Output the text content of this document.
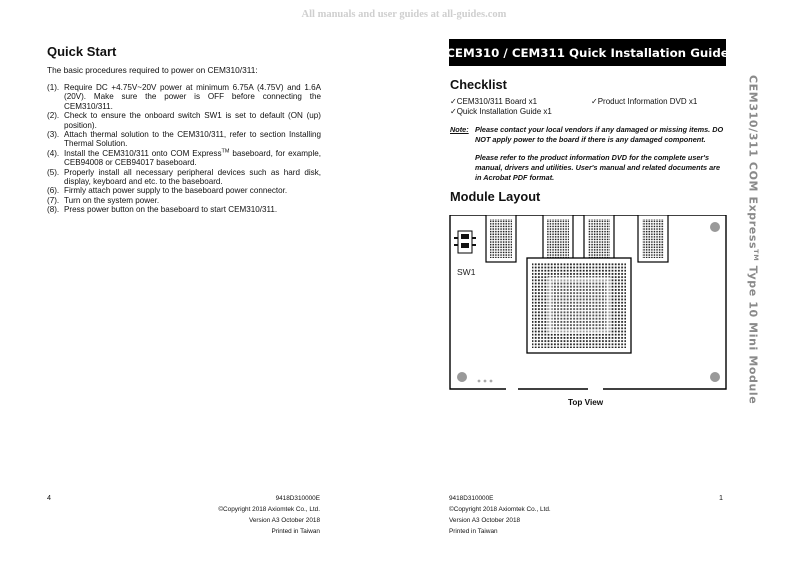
All manuals and user guides at all-guides.com
Quick Start
The basic procedures required to power on CEM310/311:
(1). Require DC +4.75V~20V power at minimum 6.75A (4.75V) and 1.6A (20V). Make sure the power is OFF before connecting the CEM310/311.
(2). Check to ensure the onboard switch SW1 is set to default (ON (up) position).
(3). Attach thermal solution to the CEM310/311, refer to section Installing Thermal Solution.
(4). Install the CEM310/311 onto COM Express™ baseboard, for example, CEB94008 or CEB94017 baseboard.
(5). Properly install all necessary peripheral devices such as hard disk, display, keyboard and etc. to the baseboard.
(6). Firmly attach power supply to the baseboard power connector.
(7). Turn on the system power.
(8). Press power button on the baseboard to start CEM310/311.
4	9418D310000E
©Copyright 2018 Axiomtek Co., Ltd.
Version A3 October 2018
Printed in Taiwan
CEM310 / CEM311 Quick Installation Guide
Checklist
✓CEM310/311 Board x1	✓Product Information DVD x1
✓Quick Installation Guide x1
Note: Please contact your local vendors if any damaged or missing items. DO NOT apply power to the board if there is any damaged component.

Please refer to the product information DVD for the complete user's manual, drivers and utilities. User's manual and related documents are in Acrobat PDF format.

Module Layout
SW1
Top View
CEM310/311 COM Express™ Type 10 Mini Module
9418D310000E
©Copyright 2018 Axiomtek Co., Ltd.
Version A3 October 2018
Printed in Taiwan
1
